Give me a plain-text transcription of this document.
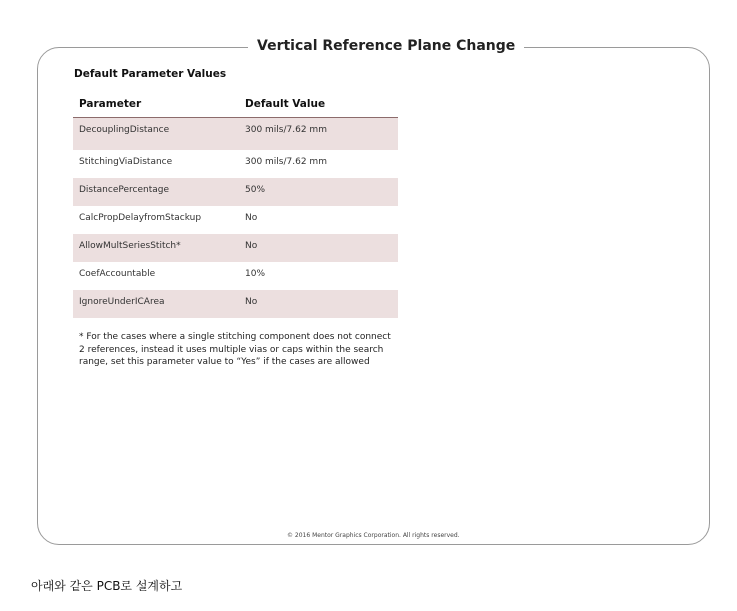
Vertical Reference Plane Change
Default Parameter Values
Parameter	Default Value
DecouplingDistance	300 mils/7.62 mm
StitchingViaDistance	300 mils/7.62 mm
DistancePercentage	50%
CalcPropDelayfromStackup	No
AllowMultSeriesStitch*	No
CoefAccountable	10%
IgnoreUnderICArea	No
* For the cases where a single stitching component does not connect 2 references, instead it uses multiple vias or caps within the search range, set this parameter value to “Yes” if the cases are allowed
© 2016 Mentor Graphics Corporation. All rights reserved.
아래와 같은 PCB로 설계하고
